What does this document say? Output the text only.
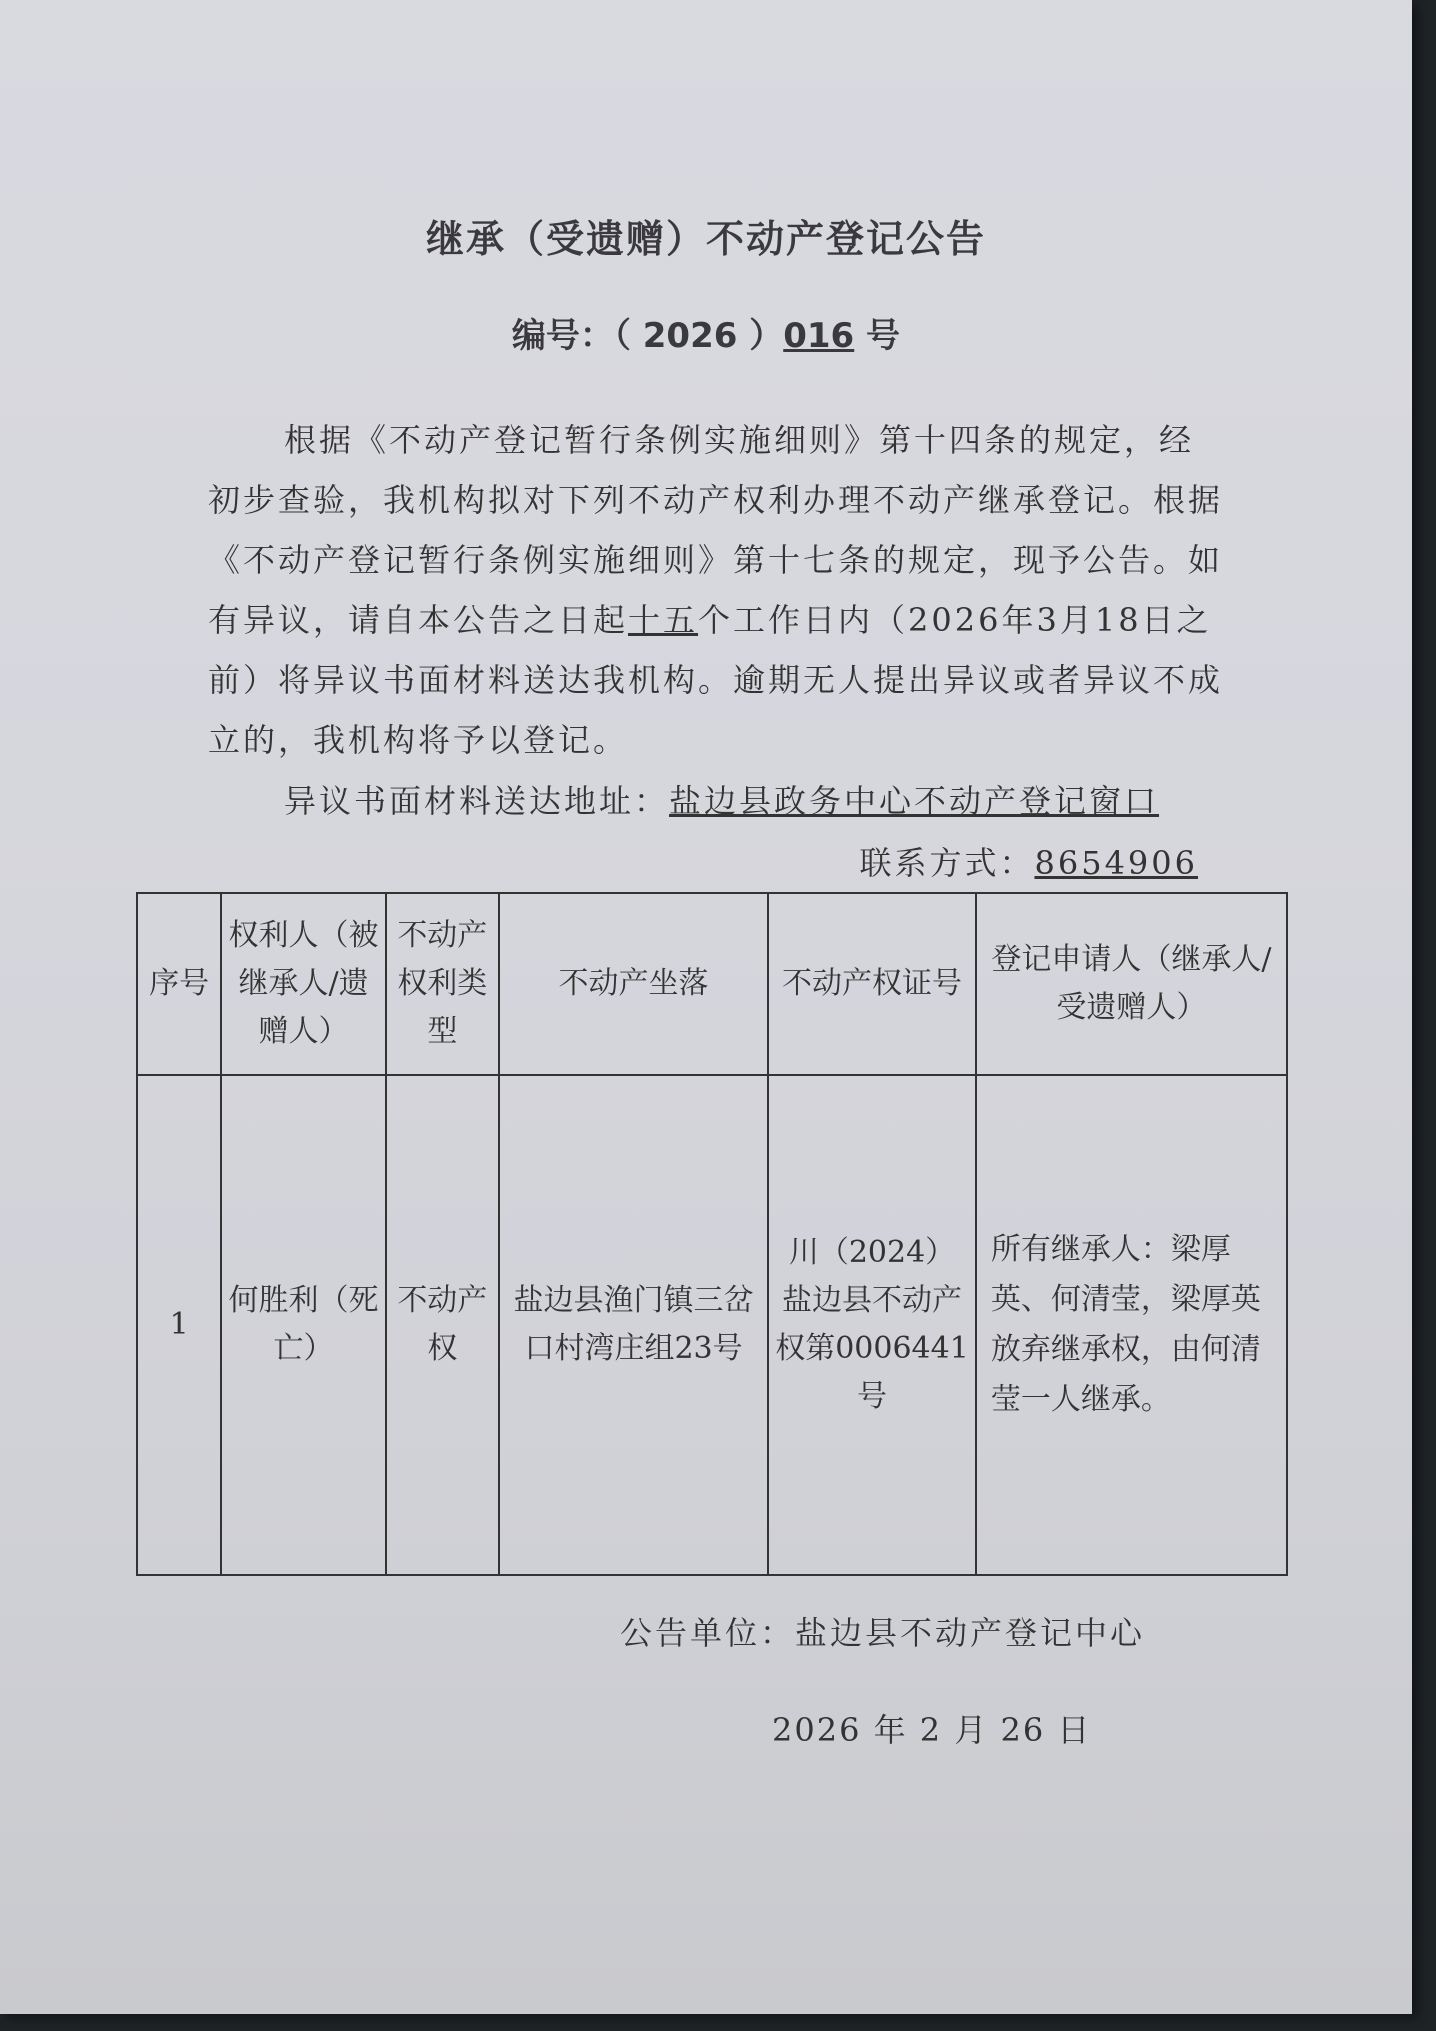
继承（受遗赠）不动产登记公告
编号：（ 2026 ）016 号

根据《不动产登记暂行条例实施细则》第十四条的规定，经初步查验，我机构拟对下列不动产权利办理不动产继承登记。根据《不动产登记暂行条例实施细则》第十七条的规定，现予公告。如有异议，请自本公告之日起十五个工作日内（2026年3月18日之前）将异议书面材料送达我机构。逾期无人提出异议或者异议不成立的，我机构将予以登记。

异议书面材料送达地址：盐边县政务中心不动产登记窗口
联系方式：8654906
序号	权利人（被继承人/遗赠人）	不动产权利类型	不动产坐落	不动产权证号	登记申请人（继承人/受遗赠人）
1	何胜利（死亡）	不动产权	盐边县渔门镇三岔口村湾庄组23号	川（2024）盐边县不动产权第0006441号	所有继承人：梁厚英、何清莹，梁厚英放弃继承权，由何清莹一人继承。
公告单位：盐边县不动产登记中心
2026 年 2 月 26 日
